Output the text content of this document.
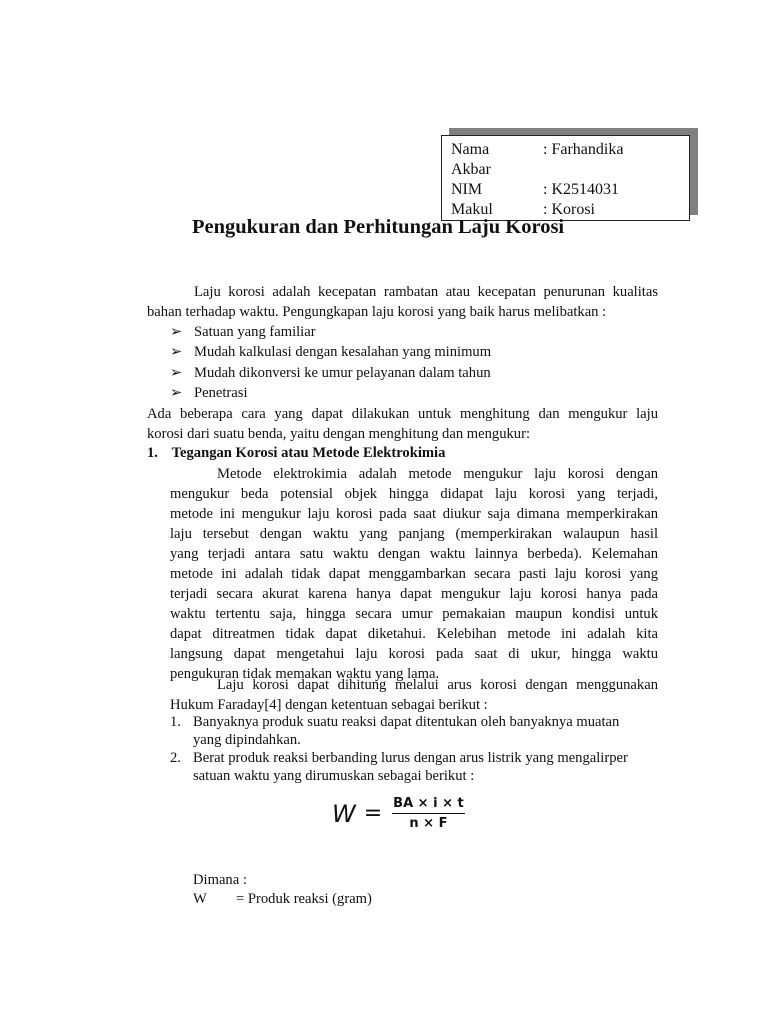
Nama	: Farhandika
Akbar
NIM	: K2514031
Makul	: Korosi
Pengukuran dan Perhitungan Laju Korosi

Laju korosi adalah kecepatan rambatan atau kecepatan penurunan kualitas

bahan terhadap waktu. Pengungkapan laju korosi yang baik harus melibatkan :

➢ Satuan yang familiar
➢ Mudah kalkulasi dengan kesalahan yang minimum
➢ Mudah dikonversi ke umur pelayanan dalam tahun
➢ Penetrasi

Ada beberapa cara yang dapat dilakukan untuk menghitung dan mengukur laju

korosi dari suatu benda, yaitu dengan menghitung dan mengukur:

1. Tegangan Korosi atau Metode Elektrokimia

Metode elektrokimia adalah metode mengukur laju korosi dengan

mengukur beda potensial objek hingga didapat laju korosi yang terjadi,

metode ini mengukur laju korosi pada saat diukur saja dimana memperkirakan

laju tersebut dengan waktu yang panjang (memperkirakan walaupun hasil

yang terjadi antara satu waktu dengan waktu lainnya berbeda). Kelemahan

metode ini adalah tidak dapat menggambarkan secara pasti laju korosi yang

terjadi secara akurat karena hanya dapat mengukur laju korosi hanya pada

waktu tertentu saja, hingga secara umur pemakaian maupun kondisi untuk

dapat ditreatmen tidak dapat diketahui. Kelebihan metode ini adalah kita

langsung dapat mengetahui laju korosi pada saat di ukur, hingga waktu

pengukuran tidak memakan waktu yang lama.

Laju korosi dapat dihitung melalui arus korosi dengan menggunakan

Hukum Faraday[4] dengan ketentuan sebagai berikut :

1. Banyaknya produk suatu reaksi dapat ditentukan oleh banyaknya muatan
yang dipindahkan.
2. Berat produk reaksi berbanding lurus dengan arus listrik yang mengalirper
satuan waktu yang dirumuskan sebagai berikut :
$W = \frac{BA \times i \times t}{n \times F}$
Dimana :
W = Produk reaksi (gram)
